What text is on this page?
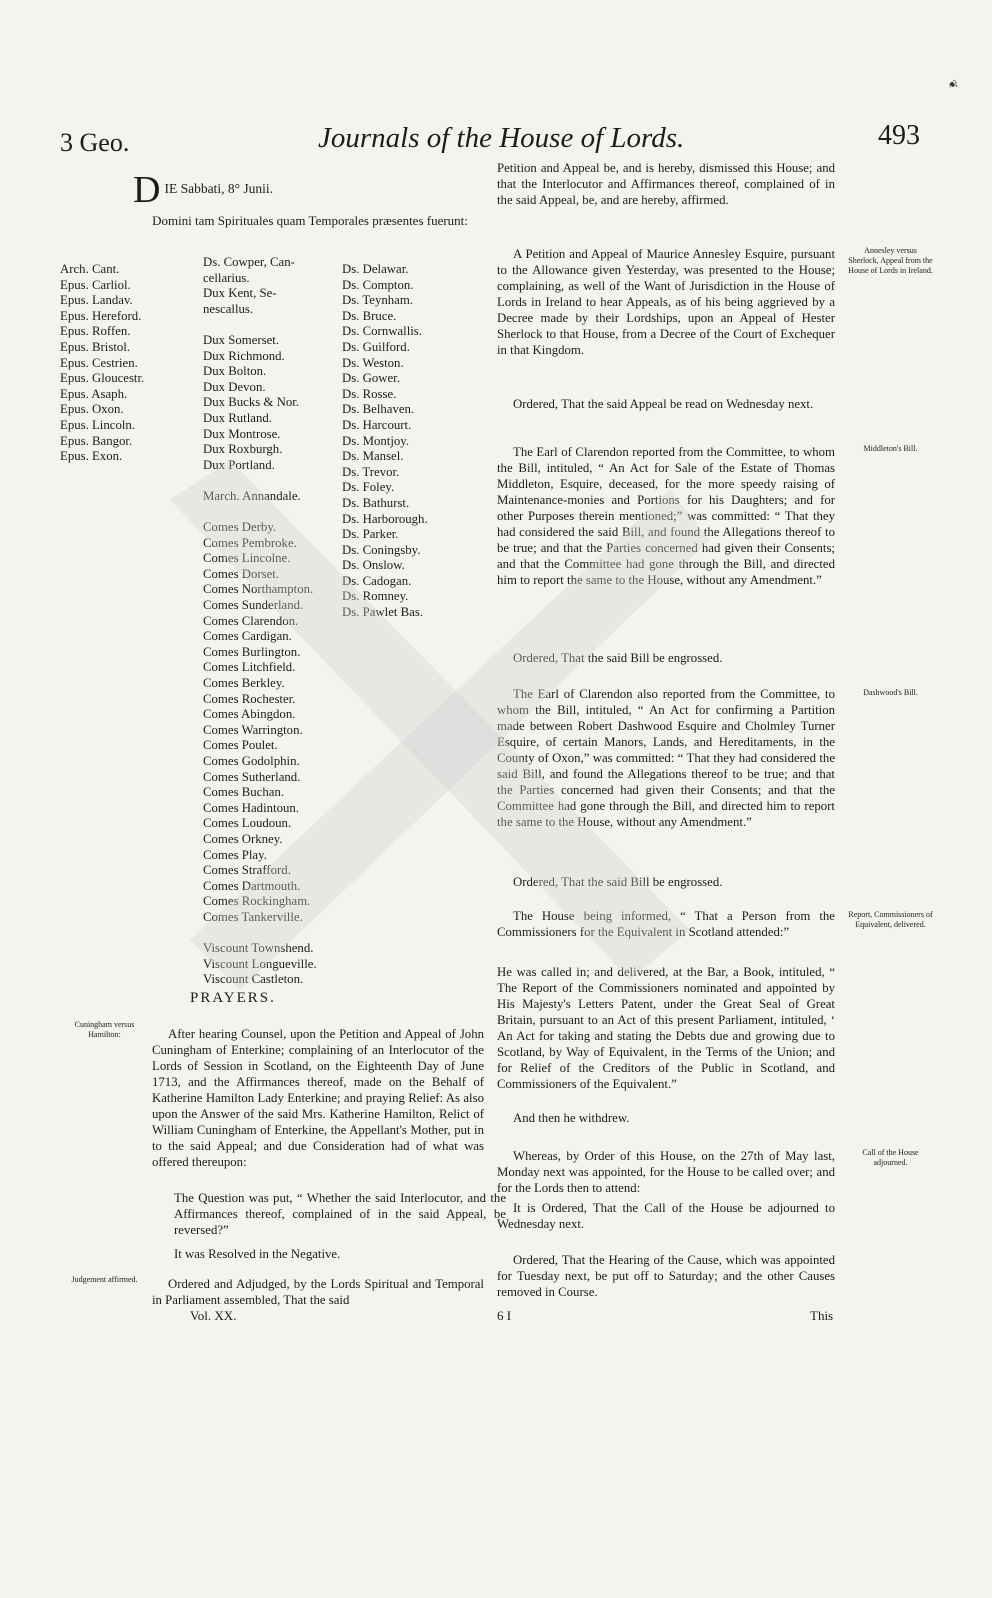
3 Geo.	Journals of the House of Lords.	493
DIE Sabbati, 8° Junii.
Domini tam Spirituales quam Temporales præsentes fuerunt:
Arch. Cant.
Epus. Carliol.
Epus. Landav.
Epus. Hereford.
Epus. Roffen.
Epus. Bristol.
Epus. Cestrien.
Epus. Gloucestr.
Epus. Asaph.
Epus. Oxon.
Epus. Lincoln.
Epus. Bangor.
Epus. Exon.
Ds. Cowper, Can-
cellarius.
Dux Kent, Se-
nescallus.
Dux Somerset.
Dux Richmond.
Dux Bolton.
Dux Devon.
Dux Bucks & Nor.
Dux Rutland.
Dux Montrose.
Dux Roxburgh.
Dux Portland.
March. Annandale.
Comes Derby.
Comes Pembroke.
Comes Lincolne.
Comes Dorset.
Comes Northampton.
Comes Sunderland.
Comes Clarendon.
Comes Cardigan.
Comes Burlington.
Comes Litchfield.
Comes Berkley.
Comes Rochester.
Comes Abingdon.
Comes Warrington.
Comes Poulet.
Comes Godolphin.
Comes Sutherland.
Comes Buchan.
Comes Hadintoun.
Comes Loudoun.
Comes Orkney.
Comes Play.
Comes Strafford.
Comes Dartmouth.
Comes Rockingham.
Comes Tankerville.
Viscount Townshend.
Viscount Longueville.
Viscount Castleton.
Ds. Delawar.
Ds. Compton.
Ds. Teynham.
Ds. Bruce.
Ds. Cornwallis.
Ds. Guilford.
Ds. Weston.
Ds. Gower.
Ds. Rosse.
Ds. Belhaven.
Ds. Harcourt.
Ds. Montjoy.
Ds. Mansel.
Ds. Trevor.
Ds. Foley.
Ds. Bathurst.
Ds. Harborough.
Ds. Parker.
Ds. Coningsby.
Ds. Onslow.
Ds. Cadogan.
Ds. Romney.
Ds. Pawlet Bas.
PRAYERS.
Cuningham versus Hamilton:	After hearing Counsel, upon the Petition and Appeal of John Cuningham of Enterkine; complaining of an Interlocutor of the Lords of Session in Scotland, on the Eighteenth Day of June 1713, and the Affirmances thereof, made on the Behalf of Katherine Hamilton Lady Enterkine; and praying Relief: As also upon the Answer of the said Mrs. Katherine Hamilton, Relict of William Cuningham of Enterkine, the Appellant's Mother, put in to the said Appeal; and due Consideration had of what was offered thereupon:
The Question was put, “ Whether the said Interlocutor, and the Affirmances thereof, complained of in the said Appeal, be reversed?”
It was Resolved in the Negative.
Judgement affirmed.	Ordered and Adjudged, by the Lords Spiritual and Temporal in Parliament assembled, That the said
Vol. XX.
Petition and Appeal be, and is hereby, dismissed this House; and that the Interlocutor and Affirmances thereof, complained of in the said Appeal, be, and are hereby, affirmed.
Annesley versus Sherlock, Appeal from the House of Lords in Ireland.
A Petition and Appeal of Maurice Annesley Esquire, pursuant to the Allowance given Yesterday, was presented to the House; complaining, as well of the Want of Jurisdiction in the House of Lords in Ireland to hear Appeals, as of his being aggrieved by a Decree made by their Lordships, upon an Appeal of Hester Sherlock to that House, from a Decree of the Court of Exchequer in that Kingdom.
Ordered, That the said Appeal be read on Wednesday next.
Middleton's Bill.
The Earl of Clarendon reported from the Committee, to whom the Bill, intituled, “ An Act for Sale of the Estate of Thomas Middleton, Esquire, deceased, for the more speedy raising of Maintenance-monies and Portions for his Daughters; and for other Purposes therein mentioned;” was committed: “ That they had considered the said Bill, and found the Allegations thereof to be true; and that the Parties concerned had given their Consents; and that the Committee had gone through the Bill, and directed him to report the same to the House, without any Amendment.”
Ordered, That the said Bill be engrossed.
Dashwood's Bill.
The Earl of Clarendon also reported from the Committee, to whom the Bill, intituled, “ An Act for confirming a Partition made between Robert Dashwood Esquire and Cholmley Turner Esquire, of certain Manors, Lands, and Hereditaments, in the County of Oxon,” was committed: “ That they had considered the said Bill, and found the Allegations thereof to be true; and that the Parties concerned had given their Consents; and that the Committee had gone through the Bill, and directed him to report the same to the House, without any Amendment.”
Ordered, That the said Bill be engrossed.
Report, Commissioners of Equivalent, delivered.
The House being informed, “ That a Person from the Commissioners for the Equivalent in Scotland attended:”
He was called in; and delivered, at the Bar, a Book, intituled, “ The Report of the Commissioners nominated and appointed by His Majesty's Letters Patent, under the Great Seal of Great Britain, pursuant to an Act of this present Parliament, intituled, ‘ An Act for taking and stating the Debts due and growing due to Scotland, by Way of Equivalent, in the Terms of the Union; and for Relief of the Creditors of the Public in Scotland, and Commissioners of the Equivalent.”
And then he withdrew.
Call of the House adjourned.
Whereas, by Order of this House, on the 27th of May last, Monday next was appointed, for the House to be called over; and for the Lords then to attend:
It is Ordered, That the Call of the House be adjourned to Wednesday next.
Ordered, That the Hearing of the Cause, which was appointed for Tuesday next, be put off to Saturday; and the other Causes removed in Course.
6 I	This
❦
